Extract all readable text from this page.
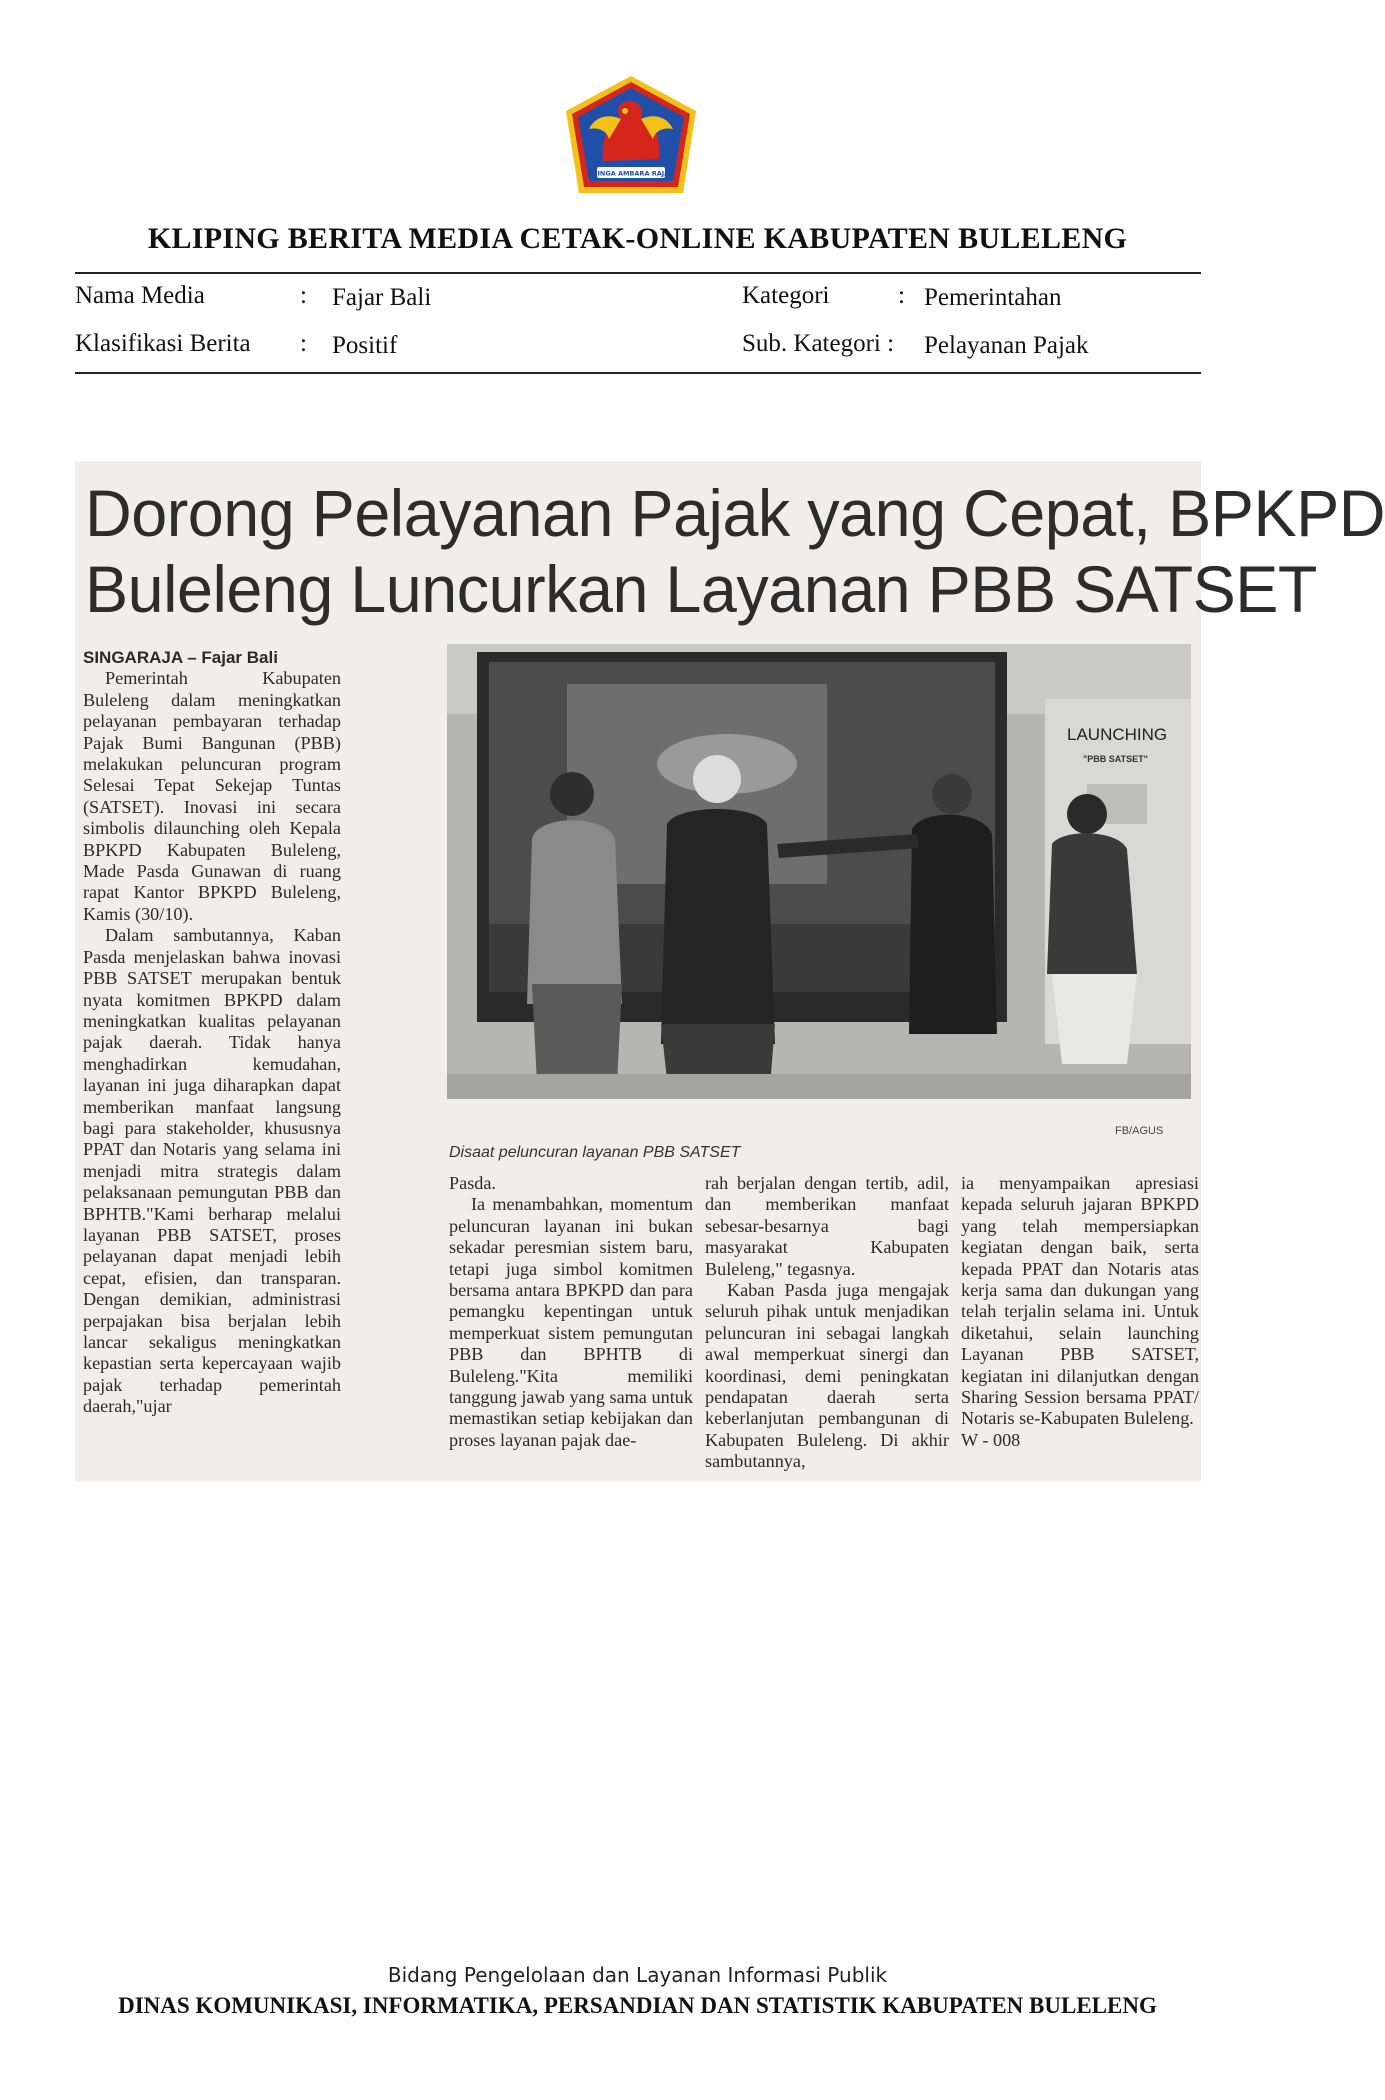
SINGA AMBARA RAJA
KLIPING BERITA MEDIA CETAK-ONLINE KABUPATEN BULELENG
Nama Media	: Fajar Bali	Kategori	: Pemerintahan
Klasifikasi Berita : Positif	Sub. Kategori : Pelayanan Pajak
Dorong Pelayanan Pajak yang Cepat, BPKPD
Buleleng Luncurkan Layanan PBB SATSET
SINGARAJA – Fajar Bali

Pemerintah Kabupaten Buleleng dalam meningkatkan pelayanan pembayaran terhadap Pajak Bumi Bangunan (PBB) melakukan peluncuran program Selesai Tepat Sekejap Tuntas (SATSET). Inovasi ini secara simbolis dilaunching oleh Kepala BPKPD Kabupaten Buleleng, Made Pasda Gunawan di ruang rapat Kantor BPKPD Buleleng, Kamis (30/10).

Dalam sambutannya, Kaban Pasda menjelaskan bahwa inovasi PBB SATSET merupakan bentuk nyata komitmen BPKPD dalam meningkatkan kualitas pelayanan pajak daerah. Tidak hanya menghadirkan kemudahan, layanan ini juga diharapkan dapat memberikan manfaat langsung bagi para stakeholder, khususnya PPAT dan Notaris yang selama ini menjadi mitra strategis dalam pelaksanaan pemungutan PBB dan BPHTB."Kami berharap melalui layanan PBB SATSET, proses pelayanan dapat menjadi lebih cepat, efisien, dan transparan. Dengan demikian, administrasi perpajakan bisa berjalan lebih lancar sekaligus meningkatkan kepastian serta kepercayaan wajib pajak terhadap pemerintah daerah,"ujar

LAUNCHING
"PBB SATSET"
FB/AGUS
Disaat peluncuran layanan PBB SATSET

Pasda.

Ia menambahkan, momentum peluncuran layanan ini bukan sekadar peresmian sistem baru, tetapi juga simbol komitmen bersama antara BPKPD dan para pemangku kepentingan untuk memperkuat sistem pemungutan PBB dan BPHTB di Buleleng."Kita memiliki tanggung jawab yang sama untuk memastikan setiap kebijakan dan proses layanan pajak dae-

rah berjalan dengan tertib, adil, dan memberikan manfaat sebesar-besarnya bagi masyarakat Kabupaten Buleleng," tegasnya.

Kaban Pasda juga mengajak seluruh pihak untuk menjadikan peluncuran ini sebagai langkah awal memperkuat sinergi dan koordinasi, demi peningkatan pendapatan daerah serta keberlanjutan pembangunan di Kabupaten Buleleng. Di akhir sambutannya,

ia menyampaikan apresiasi kepada seluruh jajaran BPKPD yang telah mempersiapkan kegiatan dengan baik, serta kepada PPAT dan Notaris atas kerja sama dan dukungan yang telah terjalin selama ini. Untuk diketahui, selain launching Layanan PBB SATSET, kegiatan ini dilanjutkan dengan Sharing Session bersama PPAT/ Notaris se-Kabupaten Buleleng.

W - 008

Bidang Pengelolaan dan Layanan Informasi Publik
DINAS KOMUNIKASI, INFORMATIKA, PERSANDIAN DAN STATISTIK KABUPATEN BULELENG
